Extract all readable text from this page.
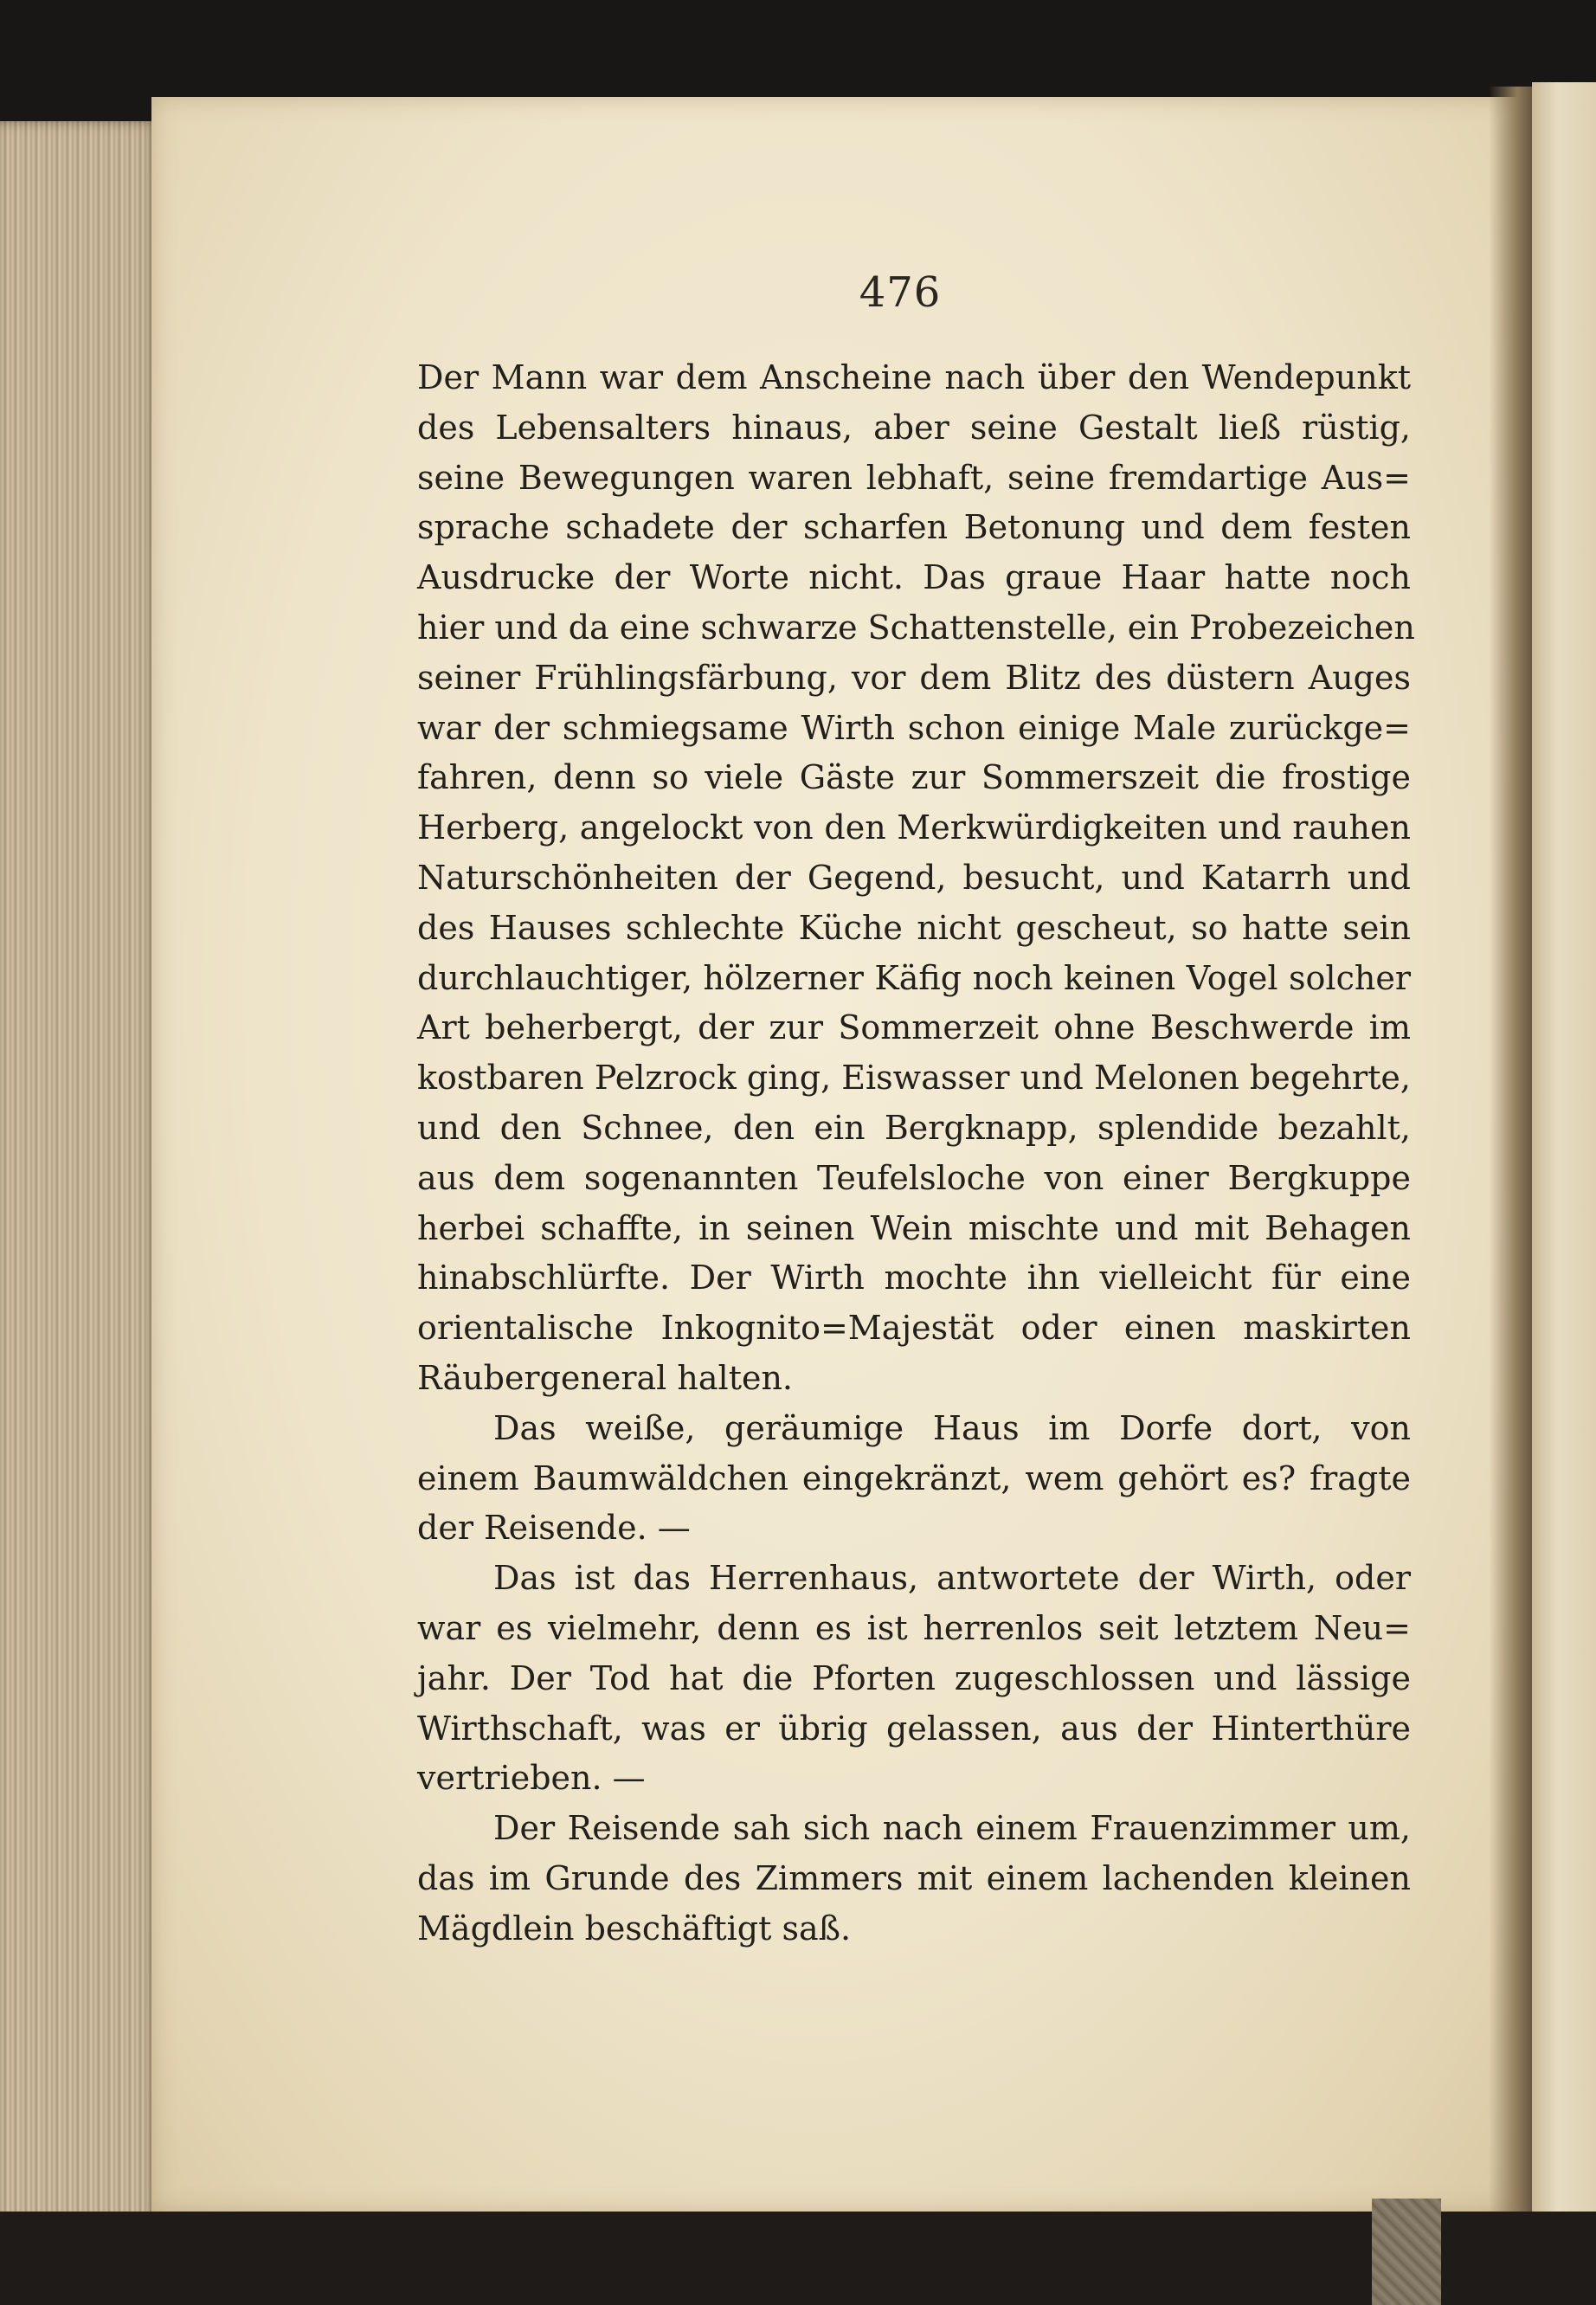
476
Der Mann war dem Anscheine nach über den Wendepunkt
des Lebensalters hinaus, aber seine Gestalt ließ rüstig,
seine Bewegungen waren lebhaft, seine fremdartige Aus=
sprache schadete der scharfen Betonung und dem festen
Ausdrucke der Worte nicht. Das graue Haar hatte noch
hier und da eine schwarze Schattenstelle, ein Probezeichen
seiner Frühlingsfärbung, vor dem Blitz des düstern Auges
war der schmiegsame Wirth schon einige Male zurückge=
fahren, denn so viele Gäste zur Sommerszeit die frostige
Herberg, angelockt von den Merkwürdigkeiten und rauhen
Naturschönheiten der Gegend, besucht, und Katarrh und
des Hauses schlechte Küche nicht gescheut, so hatte sein
durchlauchtiger, hölzerner Käfig noch keinen Vogel solcher
Art beherbergt, der zur Sommerzeit ohne Beschwerde im
kostbaren Pelzrock ging, Eiswasser und Melonen begehrte,
und den Schnee, den ein Bergknapp, splendide bezahlt,
aus dem sogenannten Teufelsloche von einer Bergkuppe
herbei schaffte, in seinen Wein mischte und mit Behagen
hinabschlürfte. Der Wirth mochte ihn vielleicht für eine
orientalische Inkognito=Majestät oder einen maskirten
Räubergeneral halten.
Das weiße, geräumige Haus im Dorfe dort, von
einem Baumwäldchen eingekränzt, wem gehört es? fragte
der Reisende. —
Das ist das Herrenhaus, antwortete der Wirth, oder
war es vielmehr, denn es ist herrenlos seit letztem Neu=
jahr. Der Tod hat die Pforten zugeschlossen und lässige
Wirthschaft, was er übrig gelassen, aus der Hinterthüre
vertrieben. —
Der Reisende sah sich nach einem Frauenzimmer um,
das im Grunde des Zimmers mit einem lachenden kleinen
Mägdlein beschäftigt saß.
